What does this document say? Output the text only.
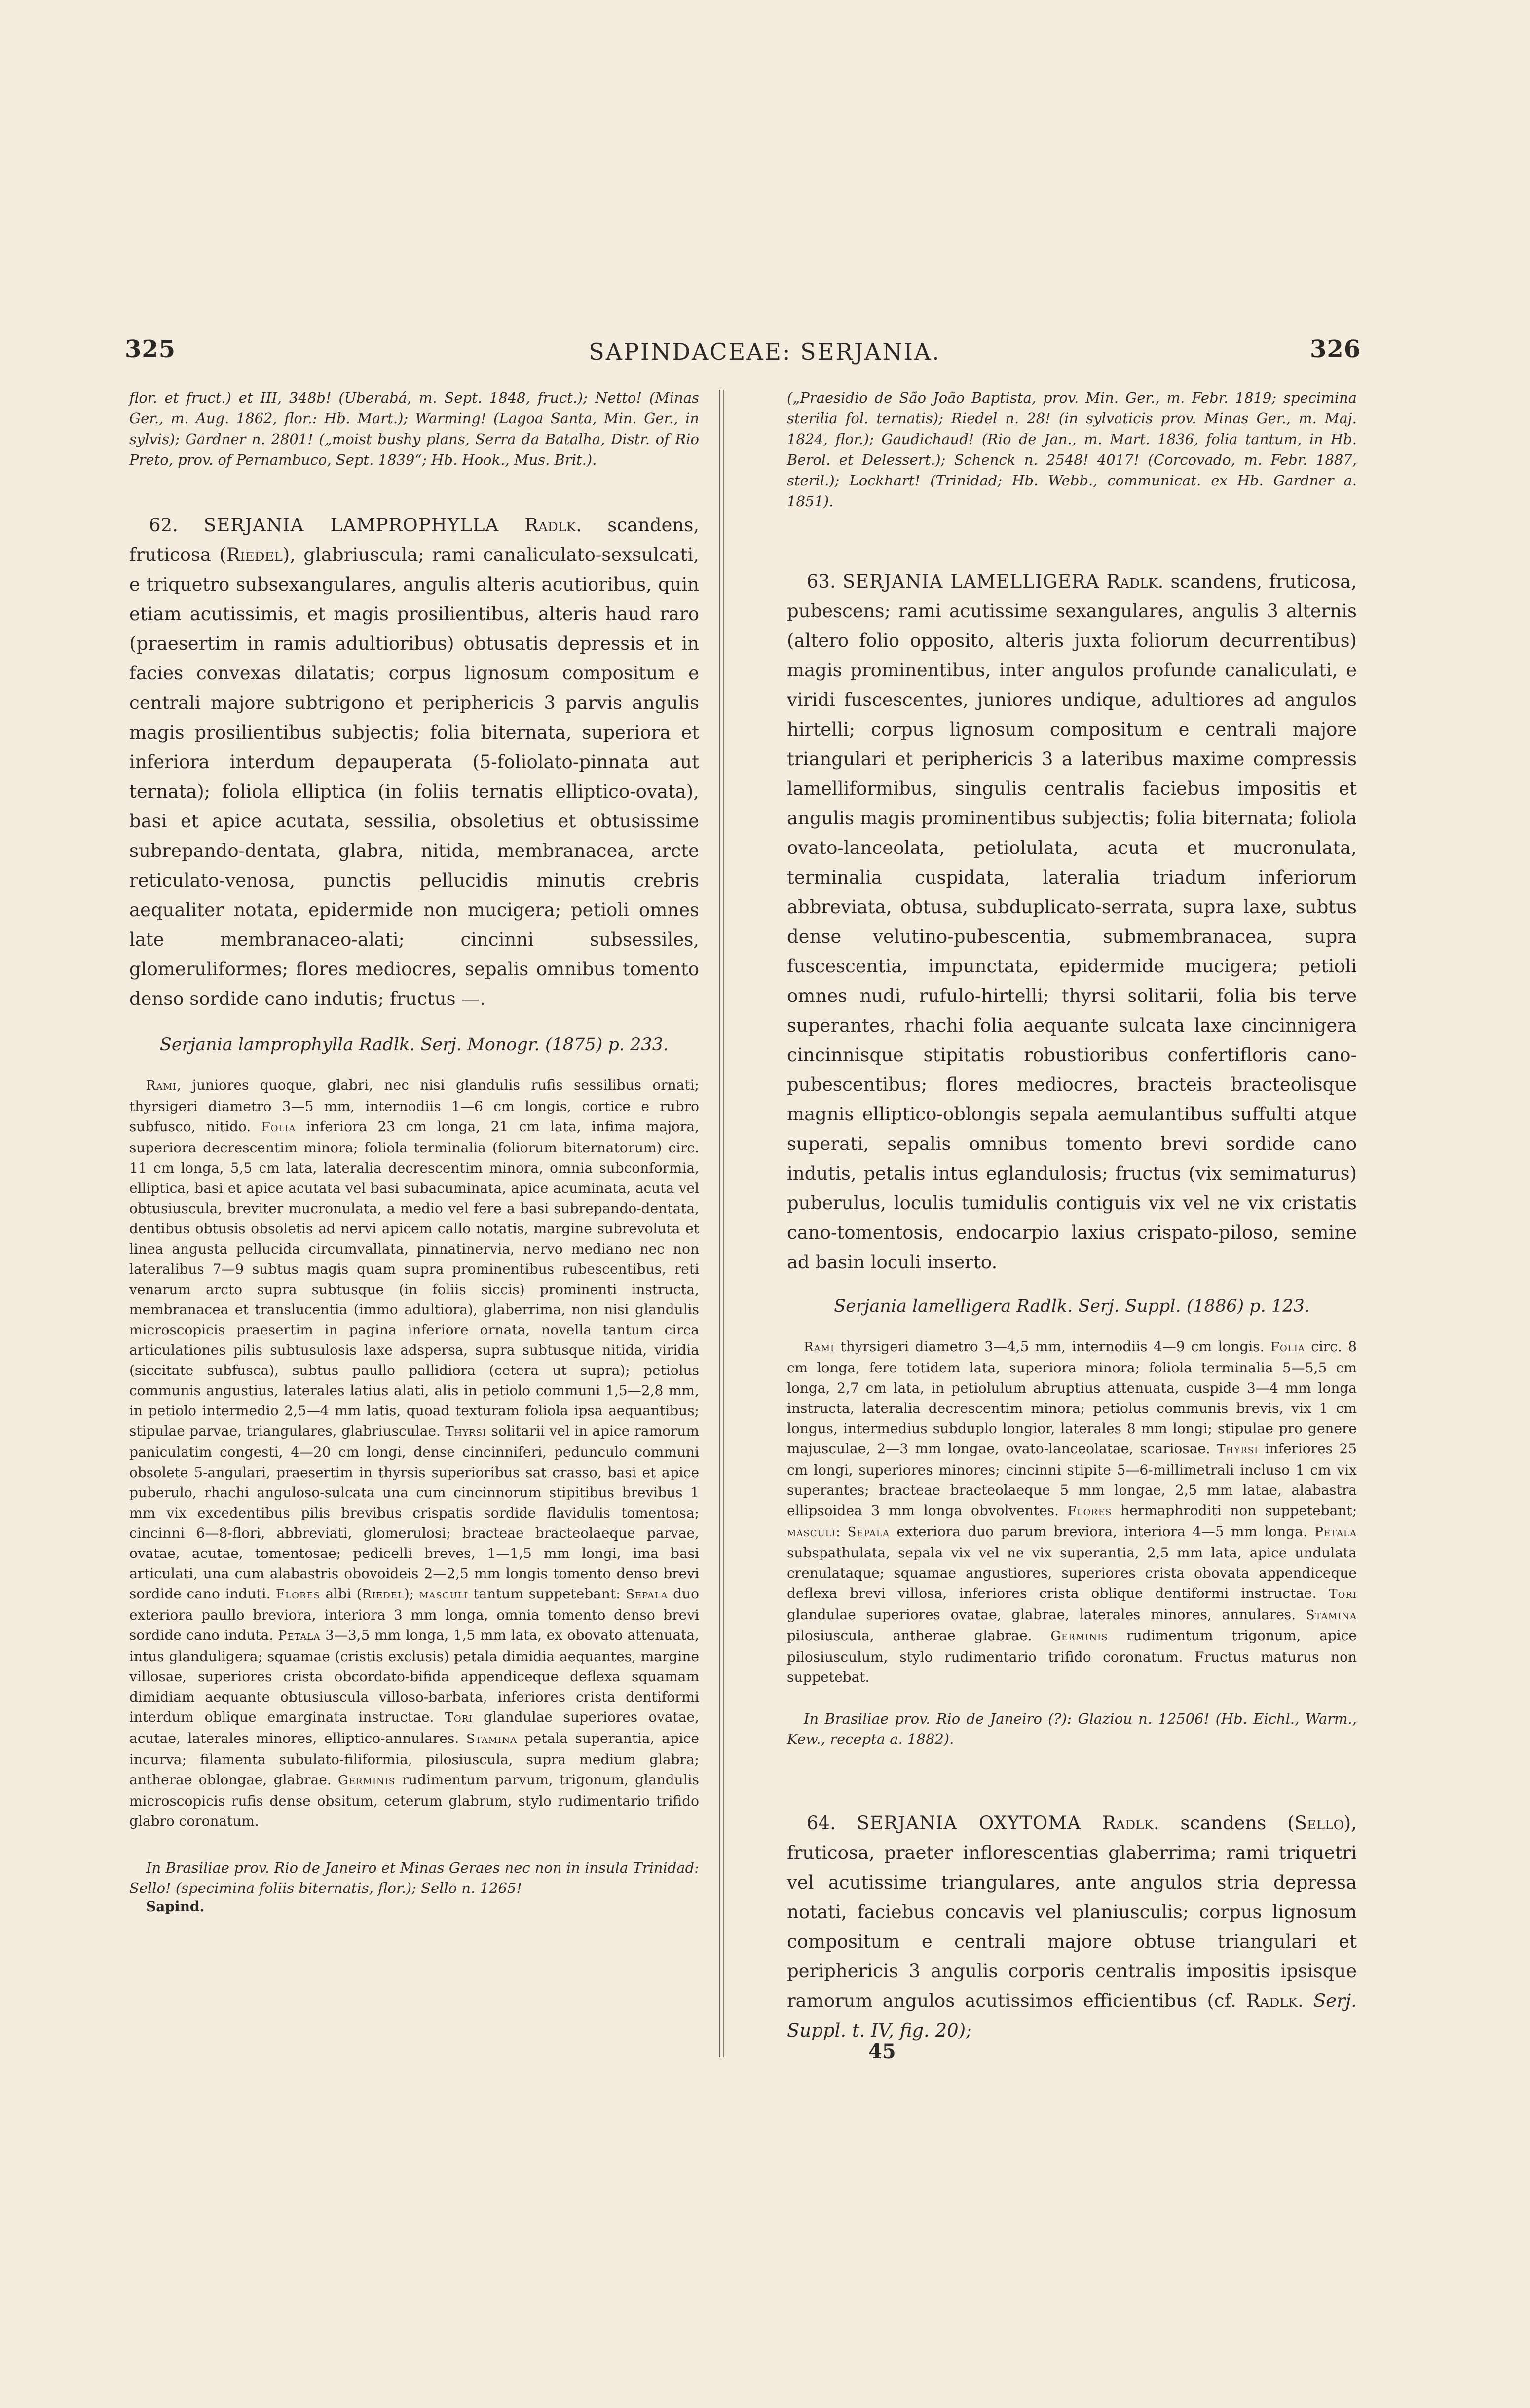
325	SAPINDACEAE: SERJANIA.	326

flor. et fruct.) et III, 348b! (Uberabá, m. Sept. 1848, fruct.); Netto! (Minas Ger., m. Aug. 1862, flor.: Hb. Mart.); Warming! (Lagoa Santa, Min. Ger., in sylvis); Gardner n. 2801! („moist bushy plans, Serra da Batalha, Distr. of Rio Preto, prov. of Pernambuco, Sept. 1839“; Hb. Hook., Mus. Brit.).

62. SERJANIA LAMPROPHYLLA Radlk. scandens, fruticosa (Riedel), glabriuscula; rami canaliculato-sexsulcati, e triquetro subsexangulares, angulis alteris acutioribus, quin etiam acutissimis, et magis prosilientibus, alteris haud raro (praesertim in ramis adultioribus) obtusatis depressis et in facies convexas dilatatis; corpus lignosum compositum e centrali majore subtrigono et periphericis 3 parvis angulis magis prosilientibus subjectis; folia biternata, superiora et inferiora interdum depauperata (5-foliolato-pinnata aut ternata); foliola elliptica (in foliis ternatis elliptico-ovata), basi et apice acutata, sessilia, obsoletius et obtusissime subrepando-dentata, glabra, nitida, membranacea, arcte reticulato-venosa, punctis pellucidis minutis crebris aequaliter notata, epidermide non mucigera; petioli omnes late membranaceo-alati; cincinni subsessiles, glomeruliformes; flores mediocres, sepalis omnibus tomento denso sordide cano indutis; fructus —.

Serjania lamprophylla Radlk. Serj. Monogr. (1875) p. 233.

Rami, juniores quoque, glabri, nec nisi glandulis rufis sessilibus ornati; thyrsigeri diametro 3—5 mm, internodiis 1—6 cm longis, cortice e rubro subfusco, nitido. Folia inferiora 23 cm longa, 21 cm lata, infima majora, superiora decrescentim minora; foliola terminalia (foliorum biternatorum) circ. 11 cm longa, 5,5 cm lata, lateralia decrescentim minora, omnia subconformia, elliptica, basi et apice acutata vel basi subacuminata, apice acuminata, acuta vel obtusiuscula, breviter mucronulata, a medio vel fere a basi subrepando-dentata, dentibus obtusis obsoletis ad nervi apicem callo notatis, margine subrevoluta et linea angusta pellucida circumvallata, pinnatinervia, nervo mediano nec non lateralibus 7—9 subtus magis quam supra prominentibus rubescentibus, reti venarum arcto supra subtusque (in foliis siccis) prominenti instructa, membranacea et translucentia (immo adultiora), glaberrima, non nisi glandulis microscopicis praesertim in pagina inferiore ornata, novella tantum circa articulationes pilis subtusulosis laxe adspersa, supra subtusque nitida, viridia (siccitate subfusca), subtus paullo pallidiora (cetera ut supra); petiolus communis angustius, laterales latius alati, alis in petiolo communi 1,5—2,8 mm, in petiolo intermedio 2,5—4 mm latis, quoad texturam foliola ipsa aequantibus; stipulae parvae, triangulares, glabriusculae. Thyrsi solitarii vel in apice ramorum paniculatim congesti, 4—20 cm longi, dense cincinniferi, pedunculo communi obsolete 5-angulari, praesertim in thyrsis superioribus sat crasso, basi et apice puberulo, rhachi anguloso-sulcata una cum cincinnorum stipitibus brevibus 1 mm vix excedentibus pilis brevibus crispatis sordide flavidulis tomentosa; cincinni 6—8-flori, abbreviati, glomerulosi; bracteae bracteolaeque parvae, ovatae, acutae, tomentosae; pedicelli breves, 1—1,5 mm longi, ima basi articulati, una cum alabastris obovoideis 2—2,5 mm longis tomento denso brevi sordide cano induti. Flores albi (Riedel); masculi tantum suppetebant: Sepala duo exteriora paullo breviora, interiora 3 mm longa, omnia tomento denso brevi sordide cano induta. Petala 3—3,5 mm longa, 1,5 mm lata, ex obovato attenuata, intus glanduligera; squamae (cristis exclusis) petala dimidia aequantes, margine villosae, superiores crista obcordato-bifida appendiceque deflexa squamam dimidiam aequante obtusiuscula villoso-barbata, inferiores crista dentiformi interdum oblique emarginata instructae. Tori glandulae superiores ovatae, acutae, laterales minores, elliptico-annulares. Stamina petala superantia, apice incurva; filamenta subulato-filiformia, pilosiuscula, supra medium glabra; antherae oblongae, glabrae. Germinis rudimentum parvum, trigonum, glandulis microscopicis rufis dense obsitum, ceterum glabrum, stylo rudimentario trifido glabro coronatum.

In Brasiliae prov. Rio de Janeiro et Minas Geraes nec non in insula Trinidad: Sello! (specimina foliis biternatis, flor.); Sello n. 1265!

Sapind.

(„Praesidio de São João Baptista, prov. Min. Ger., m. Febr. 1819; specimina sterilia fol. ternatis); Riedel n. 28! (in sylvaticis prov. Minas Ger., m. Maj. 1824, flor.); Gaudichaud! (Rio de Jan., m. Mart. 1836, folia tantum, in Hb. Berol. et Delessert.); Schenck n. 2548! 4017! (Corcovado, m. Febr. 1887, steril.); Lockhart! (Trinidad; Hb. Webb., communicat. ex Hb. Gardner a. 1851).

63. SERJANIA LAMELLIGERA Radlk. scandens, fruticosa, pubescens; rami acutissime sexangulares, angulis 3 alternis (altero folio opposito, alteris juxta foliorum decurrentibus) magis prominentibus, inter angulos profunde canaliculati, e viridi fuscescentes, juniores undique, adultiores ad angulos hirtelli; corpus lignosum compositum e centrali majore triangulari et periphericis 3 a lateribus maxime compressis lamelliformibus, singulis centralis faciebus impositis et angulis magis prominentibus subjectis; folia biternata; foliola ovato-lanceolata, petiolulata, acuta et mucronulata, terminalia cuspidata, lateralia triadum inferiorum abbreviata, obtusa, subduplicato-serrata, supra laxe, subtus dense velutino-pubescentia, submembranacea, supra fuscescentia, impunctata, epidermide mucigera; petioli omnes nudi, rufulo-hirtelli; thyrsi solitarii, folia bis terve superantes, rhachi folia aequante sulcata laxe cincinnigera cincinnisque stipitatis robustioribus confertifloris cano-pubescentibus; flores mediocres, bracteis bracteolisque magnis elliptico-oblongis sepala aemulantibus suffulti atque superati, sepalis omnibus tomento brevi sordide cano indutis, petalis intus eglandulosis; fructus (vix semimaturus) puberulus, loculis tumidulis contiguis vix vel ne vix cristatis cano-tomentosis, endocarpio laxius crispato-piloso, semine ad basin loculi inserto.

Serjania lamelligera Radlk. Serj. Suppl. (1886) p. 123.

Rami thyrsigeri diametro 3—4,5 mm, internodiis 4—9 cm longis. Folia circ. 8 cm longa, fere totidem lata, superiora minora; foliola terminalia 5—5,5 cm longa, 2,7 cm lata, in petiolulum abruptius attenuata, cuspide 3—4 mm longa instructa, lateralia decrescentim minora; petiolus communis brevis, vix 1 cm longus, intermedius subduplo longior, laterales 8 mm longi; stipulae pro genere majusculae, 2—3 mm longae, ovato-lanceolatae, scariosae. Thyrsi inferiores 25 cm longi, superiores minores; cincinni stipite 5—6-millimetrali incluso 1 cm vix superantes; bracteae bracteolaeque 5 mm longae, 2,5 mm latae, alabastra ellipsoidea 3 mm longa obvolventes. Flores hermaphroditi non suppetebant; masculi: Sepala exteriora duo parum breviora, interiora 4—5 mm longa. Petala subspathulata, sepala vix vel ne vix superantia, 2,5 mm lata, apice undulata crenulataque; squamae angustiores, superiores crista obovata appendiceque deflexa brevi villosa, inferiores crista oblique dentiformi instructae. Tori glandulae superiores ovatae, glabrae, laterales minores, annulares. Stamina pilosiuscula, antherae glabrae. Germinis rudimentum trigonum, apice pilosiusculum, stylo rudimentario trifido coronatum. Fructus maturus non suppetebat.

In Brasiliae prov. Rio de Janeiro (?): Glaziou n. 12506! (Hb. Eichl., Warm., Kew., recepta a. 1882).

64. SERJANIA OXYTOMA Radlk. scandens (Sello), fruticosa, praeter inflorescentias glaberrima; rami triquetri vel acutissime triangulares, ante angulos stria depressa notati, faciebus concavis vel planiusculis; corpus lignosum compositum e centrali majore obtuse triangulari et periphericis 3 angulis corporis centralis impositis ipsisque ramorum angulos acutissimos efficientibus (cf. Radlk. Serj. Suppl. t. IV, fig. 20);

45
